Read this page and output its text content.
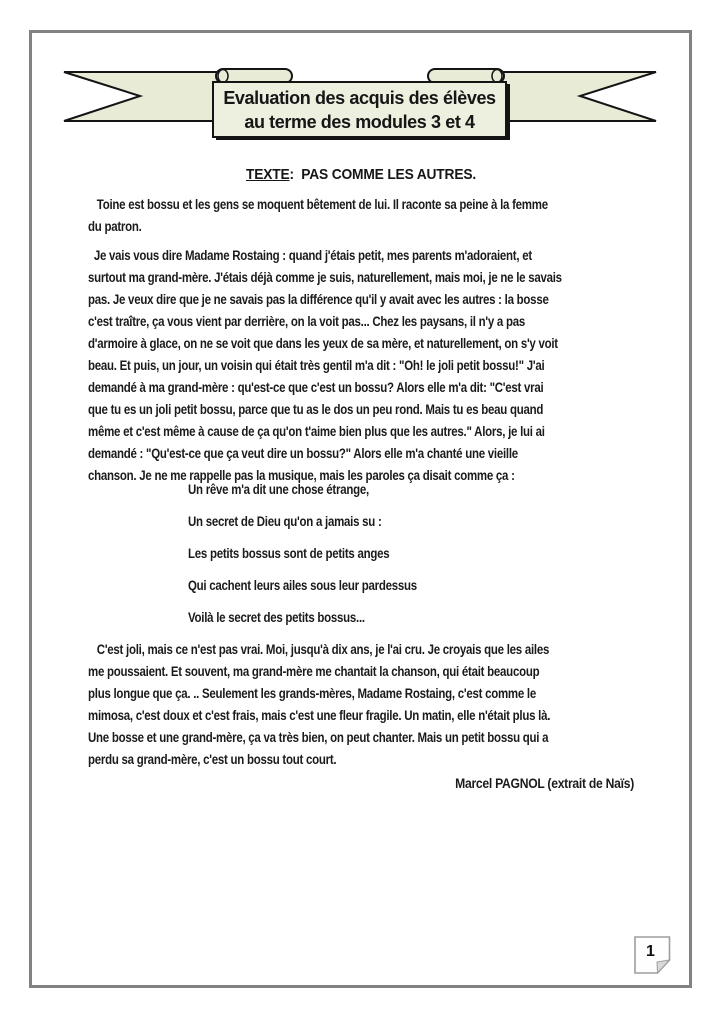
Evaluation des acquis des élèves
au terme des modules 3 et 4
TEXTE:  PAS COMME LES AUTRES.
Toine est bossu et les gens se moquent bêtement de lui. Il raconte sa peine à la femme
du patron.
Je vais vous dire Madame Rostaing : quand j'étais petit, mes parents m'adoraient, et
surtout ma grand-mère. J'étais déjà comme je suis, naturellement, mais moi, je ne le savais
pas. Je veux dire que je ne savais pas la différence qu'il y avait avec les autres : la bosse
c'est traître, ça vous vient par derrière, on la voit pas... Chez les paysans, il n'y a pas
d'armoire à glace, on ne se voit que dans les yeux de sa mère, et naturellement, on s'y voit
beau. Et puis, un jour, un voisin qui était très gentil m'a dit : "Oh! le joli petit bossu!" J'ai
demandé à ma grand-mère : qu'est-ce que c'est un bossu? Alors elle m'a dit: "C'est vrai
que tu es un joli petit bossu, parce que tu as le dos un peu rond. Mais tu es beau quand
même et c'est même à cause de ça qu'on t'aime bien plus que les autres." Alors, je lui ai
demandé : "Qu'est-ce que ça veut dire un bossu?" Alors elle m'a chanté une vieille
chanson. Je ne me rappelle pas la musique, mais les paroles ça disait comme ça :
Un rêve m'a dit une chose étrange,
Un secret de Dieu qu'on a jamais su :
Les petits bossus sont de petits anges
Qui cachent leurs ailes sous leur pardessus
Voilà le secret des petits bossus...
C'est joli, mais ce n'est pas vrai. Moi, jusqu'à dix ans, je l'ai cru. Je croyais que les ailes
me poussaient. Et souvent, ma grand-mère me chantait la chanson, qui était beaucoup
plus longue que ça. .. Seulement les grands-mères, Madame Rostaing, c'est comme le
mimosa, c'est doux et c'est frais, mais c'est une fleur fragile. Un matin, elle n'était plus là.
Une bosse et une grand-mère, ça va très bien, on peut chanter. Mais un petit bossu qui a
perdu sa grand-mère, c'est un bossu tout court.
Marcel PAGNOL (extrait de Naïs)
1
